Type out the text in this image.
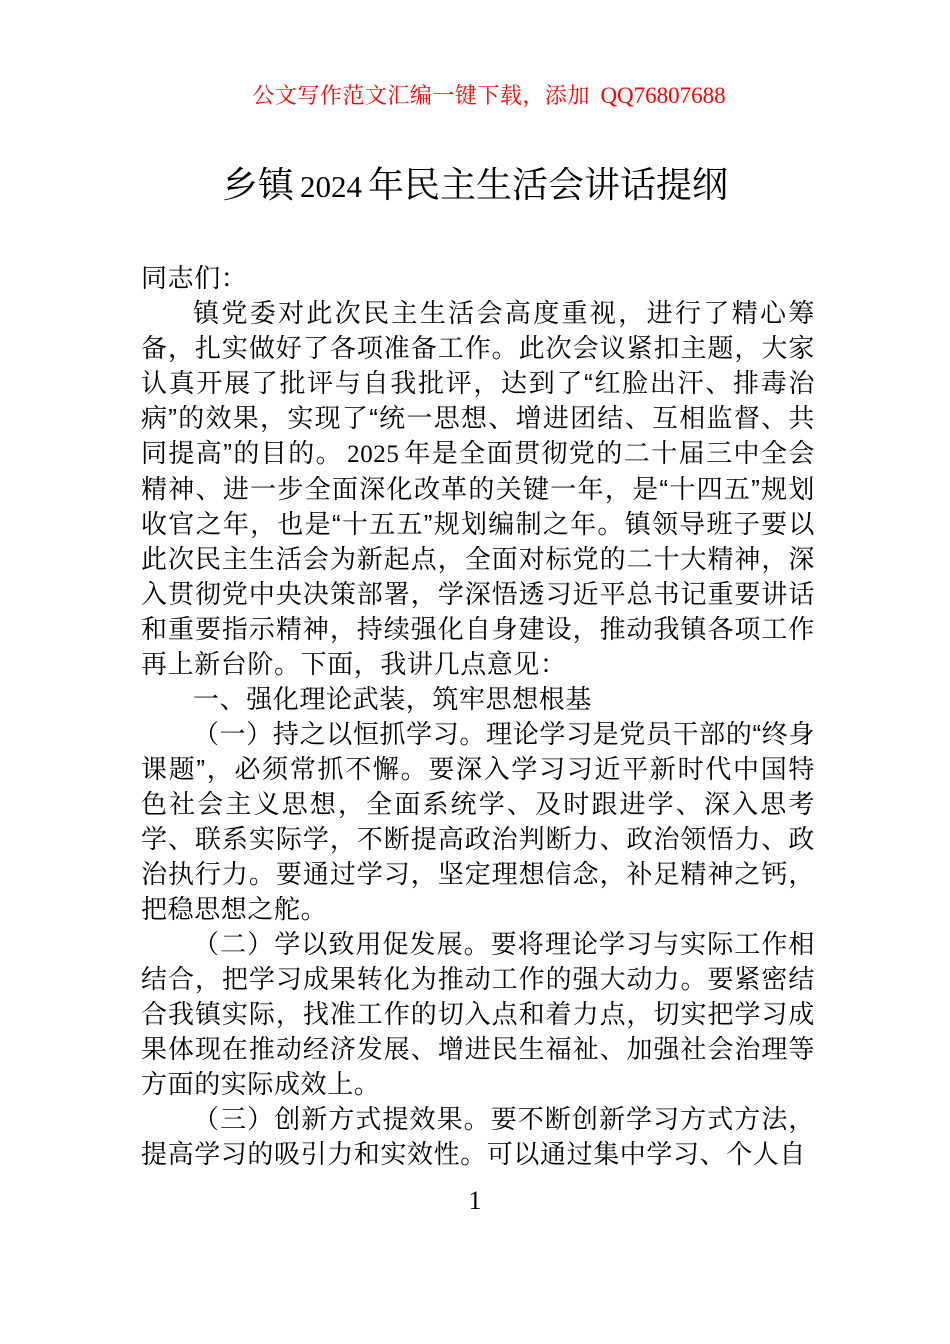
公文写作范文汇编一键下载，添加 QQ76807688
乡镇 2024 年民主生活会讲话提纲

同志们：

镇党委对此次民主生活会高度重视，进行了精心筹备，扎实做好了各项准备工作。此次会议紧扣主题，大家认真开展了批评与自我批评，达到了“红脸出汗、排毒治病”的效果，实现了“统一思想、增进团结、互相监督、共同提高”的目的。 2025 年是全面贯彻党的二十届三中全会精神、进一步全面深化改革的关键一年，是“十四五”规划收官之年，也是“十五五”规划编制之年。镇领导班子要以此次民主生活会为新起点，全面对标党的二十大精神，深入贯彻党中央决策部署，学深悟透习近平总书记重要讲话和重要指示精神，持续强化自身建设，推动我镇各项工作再上新台阶。下面，我讲几点意见：

一、强化理论武装，筑牢思想根基

（一）持之以恒抓学习。理论学习是党员干部的“终身课题”，必须常抓不懈。要深入学习习近平新时代中国特色社会主义思想，全面系统学、及时跟进学、深入思考学、联系实际学，不断提高政治判断力、政治领悟力、政治执行力。要通过学习，坚定理想信念，补足精神之钙，把稳思想之舵。

（二）学以致用促发展。要将理论学习与实际工作相结合，把学习成果转化为推动工作的强大动力。要紧密结合我镇实际，找准工作的切入点和着力点，切实把学习成果体现在推动经济发展、增进民生福祉、加强社会治理等方面的实际成效上。

（三）创新方式提效果。要不断创新学习方式方法，提高学习的吸引力和实效性。可以通过集中学习、个人自

1
